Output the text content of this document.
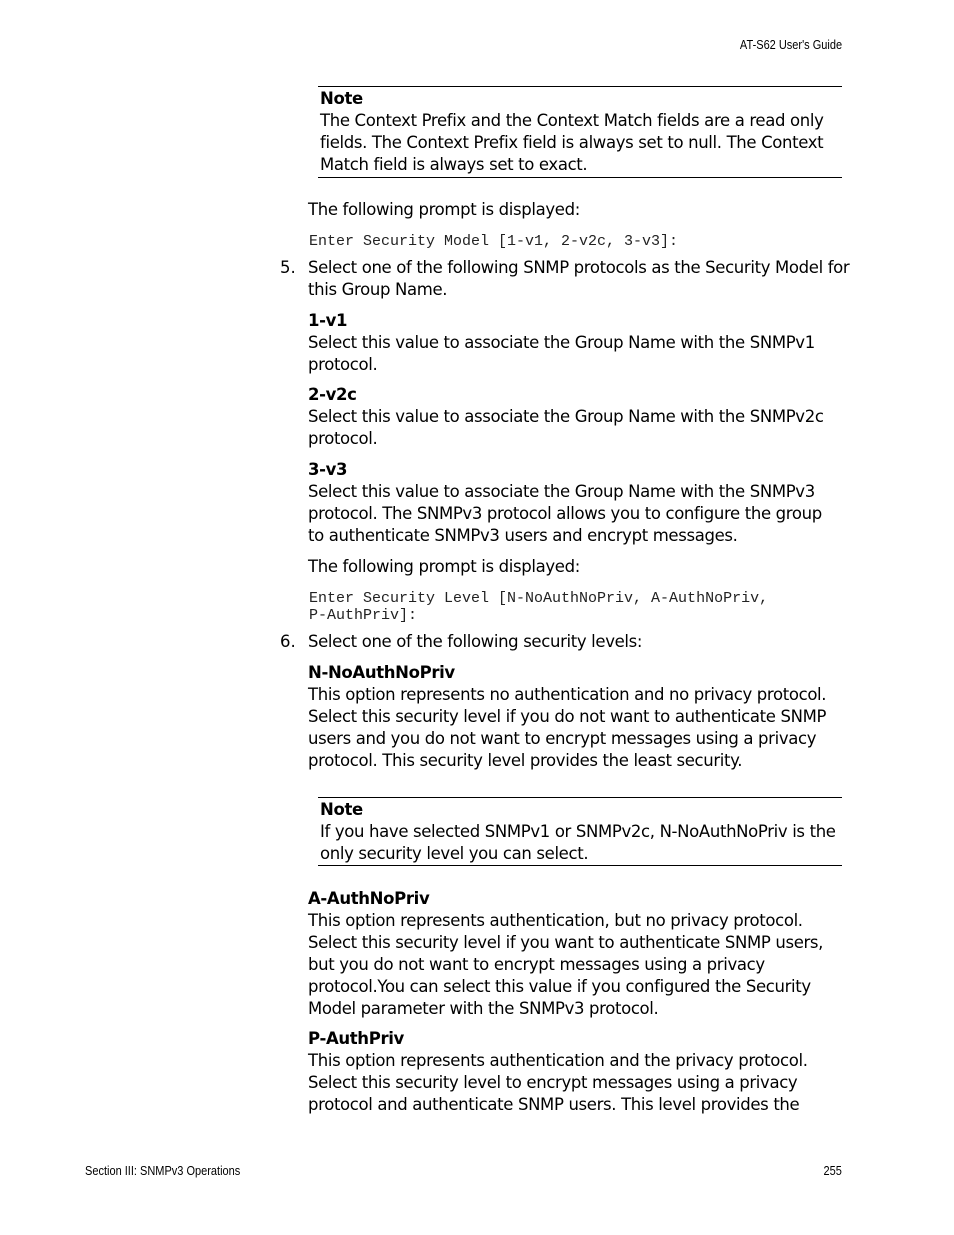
AT-S62 User's Guide
Note
The Context Prefix and the Context Match fields are a read only
fields. The Context Prefix field is always set to null. The Context
Match field is always set to exact.
The following prompt is displayed:
Enter Security Model [1-v1, 2-v2c, 3-v3]:
5. Select one of the following SNMP protocols as the Security Model for
this Group Name.
1-v1
Select this value to associate the Group Name with the SNMPv1
protocol.
2-v2c
Select this value to associate the Group Name with the SNMPv2c
protocol.
3-v3
Select this value to associate the Group Name with the SNMPv3
protocol. The SNMPv3 protocol allows you to configure the group
to authenticate SNMPv3 users and encrypt messages.
The following prompt is displayed:
Enter Security Level [N-NoAuthNoPriv, A-AuthNoPriv,
P-AuthPriv]:
6. Select one of the following security levels:
N-NoAuthNoPriv
This option represents no authentication and no privacy protocol.
Select this security level if you do not want to authenticate SNMP
users and you do not want to encrypt messages using a privacy
protocol. This security level provides the least security.
Note
If you have selected SNMPv1 or SNMPv2c, N-NoAuthNoPriv is the
only security level you can select.
A-AuthNoPriv
This option represents authentication, but no privacy protocol.
Select this security level if you want to authenticate SNMP users,
but you do not want to encrypt messages using a privacy
protocol.You can select this value if you configured the Security
Model parameter with the SNMPv3 protocol.
P-AuthPriv
This option represents authentication and the privacy protocol.
Select this security level to encrypt messages using a privacy
protocol and authenticate SNMP users. This level provides the
Section III: SNMPv3 Operations	255
